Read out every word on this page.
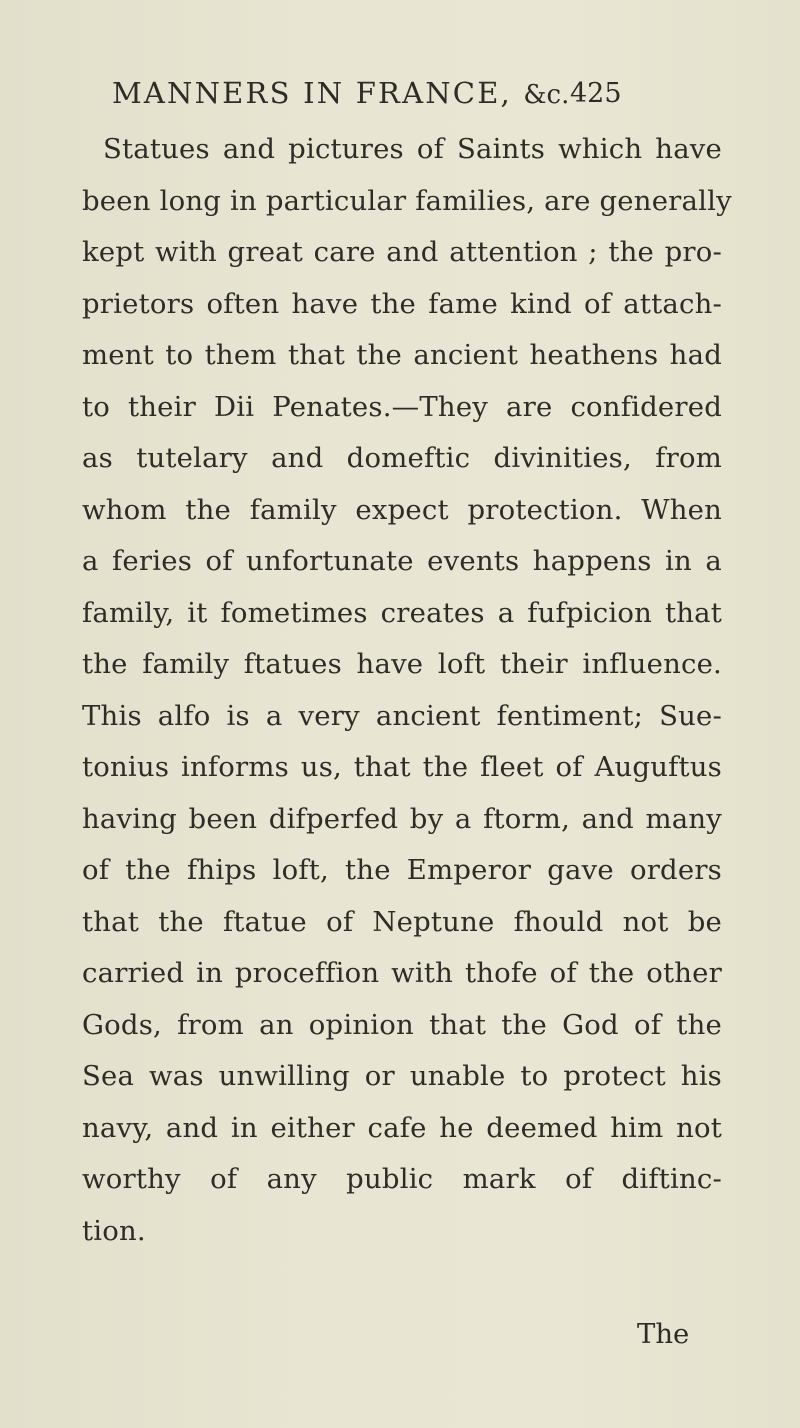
MANNERS IN FRANCE, &c. 425
Statues and pictures of Saints which have
been long in particular families, are generally
kept with great care and attention ; the pro-
prietors often have the fame kind of attach-
ment to them that the ancient heathens had
to their Dii Penates.—They are confidered
as tutelary and domeftic divinities, from
whom the family expect protection. When
a feries of unfortunate events happens in a
family, it fometimes creates a fufpicion that
the family ftatues have loft their influence.
This alfo is a very ancient fentiment; Sue-
tonius informs us, that the fleet of Auguftus
having been difperfed by a ftorm, and many
of the fhips loft, the Emperor gave orders
that the ftatue of Neptune fhould not be
carried in proceffion with thofe of the other
Gods, from an opinion that the God of the
Sea was unwilling or unable to protect his
navy, and in either cafe he deemed him not
worthy of any public mark of diftinc-
tion.
The
